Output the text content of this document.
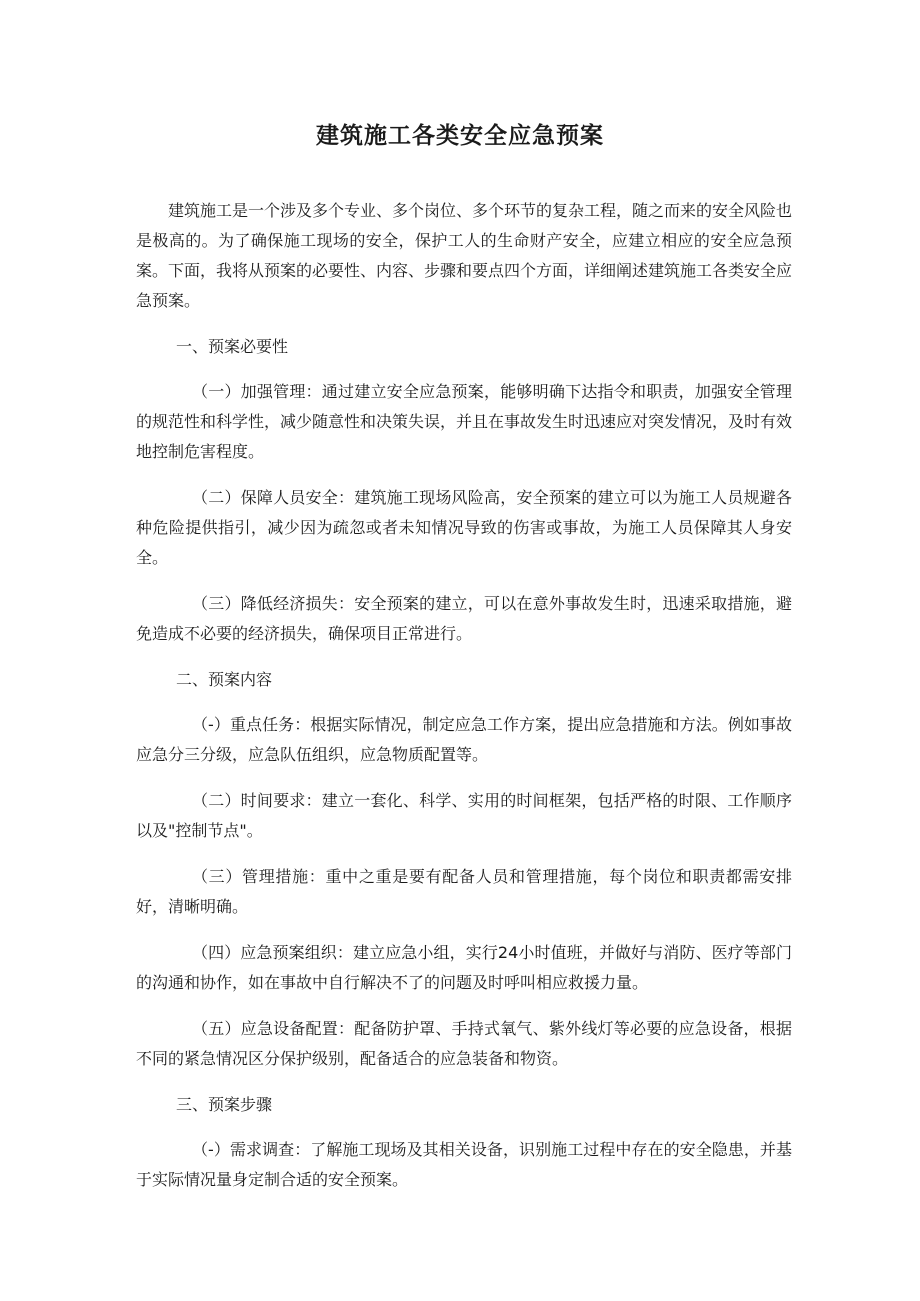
建筑施工各类安全应急预案

建筑施工是一个涉及多个专业、多个岗位、多个环节的复杂工程，随之而来的安全风险也是极高的。为了确保施工现场的安全，保护工人的生命财产安全，应建立相应的安全应急预案。下面，我将从预案的必要性、内容、步骤和要点四个方面，详细阐述建筑施工各类安全应急预案。

一、预案必要性

（一）加强管理：通过建立安全应急预案，能够明确下达指令和职责，加强安全管理的规范性和科学性，减少随意性和决策失误，并且在事故发生时迅速应对突发情况，及时有效地控制危害程度。

（二）保障人员安全：建筑施工现场风险高，安全预案的建立可以为施工人员规避各种危险提供指引，减少因为疏忽或者未知情况导致的伤害或事故，为施工人员保障其人身安全。

（三）降低经济损失：安全预案的建立，可以在意外事故发生时，迅速采取措施，避免造成不必要的经济损失，确保项目正常进行。

二、预案内容

（-）重点任务：根据实际情况，制定应急工作方案，提出应急措施和方法。例如事故应急分三分级，应急队伍组织，应急物质配置等。

（二）时间要求：建立一套化、科学、实用的时间框架，包括严格的时限、工作顺序以及"控制节点"。

（三）管理措施：重中之重是要有配备人员和管理措施，每个岗位和职责都需安排好，清晰明确。

（四）应急预案组织：建立应急小组，实行24小时值班，并做好与消防、医疗等部门的沟通和协作，如在事故中自行解决不了的问题及时呼叫相应救援力量。

（五）应急设备配置：配备防护罩、手持式氧气、紫外线灯等必要的应急设备，根据不同的紧急情况区分保护级别，配备适合的应急装备和物资。

三、预案步骤

（-）需求调查：了解施工现场及其相关设备，识别施工过程中存在的安全隐患，并基于实际情况量身定制合适的安全预案。
